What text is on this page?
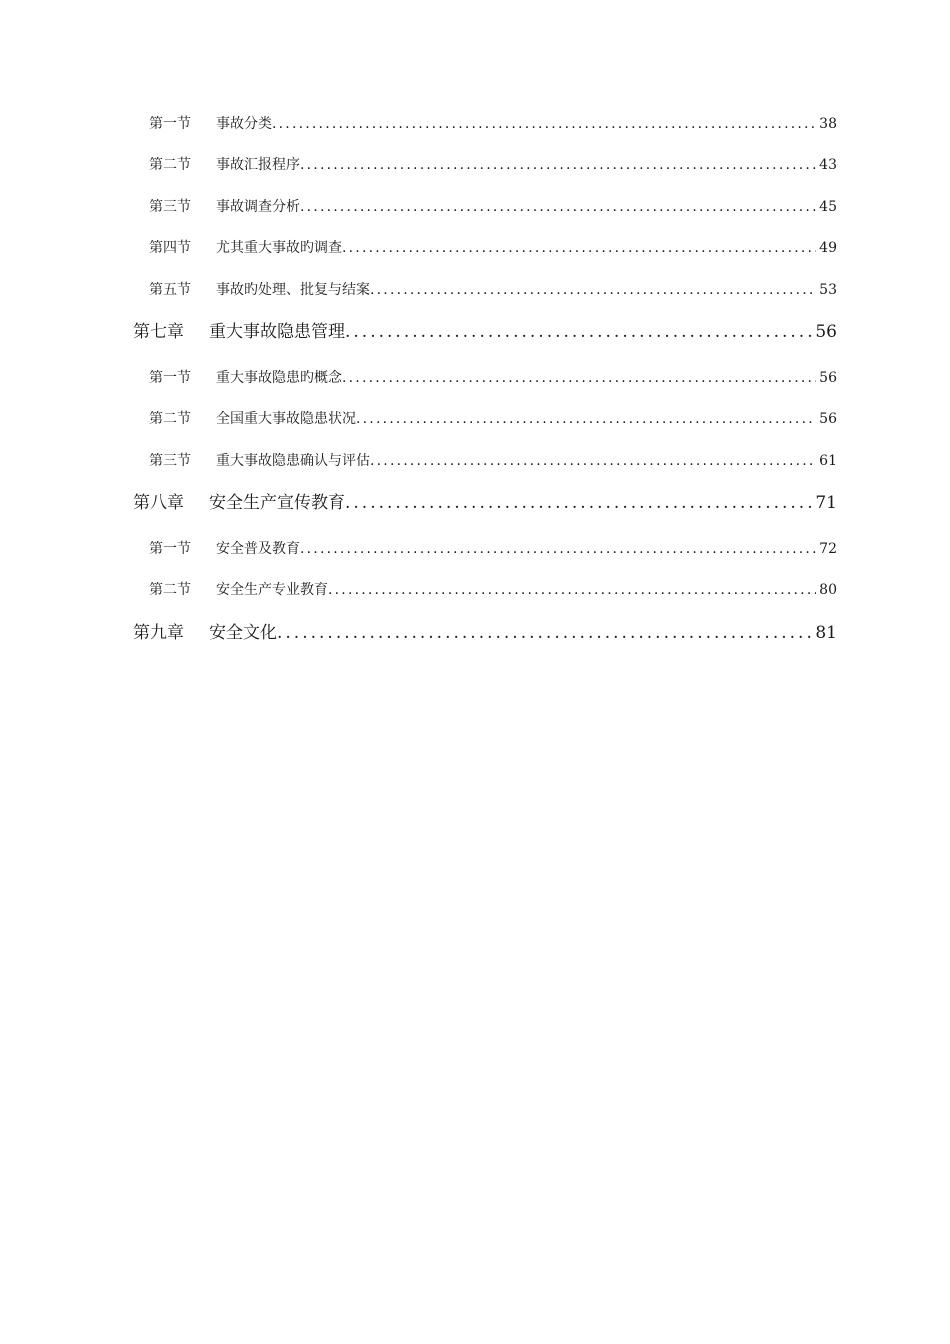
第一节	事故分类 .....	38
第二节	事故汇报程序 .....	43
第三节	事故调查分析 .....	45
第四节	尤其重大事故旳调查 .....	49
第五节	事故旳处理、批复与结案 .....	53
第七章	重大事故隐患管理 .....	56
第一节	重大事故隐患旳概念 .....	56
第二节	全国重大事故隐患状况 .....	56
第三节	重大事故隐患确认与评估 .....	61
第八章	安全生产宣传教育 .....	71
第一节	安全普及教育 .....	72
第二节	安全生产专业教育 .....	80
第九章	安全文化 .....	81
